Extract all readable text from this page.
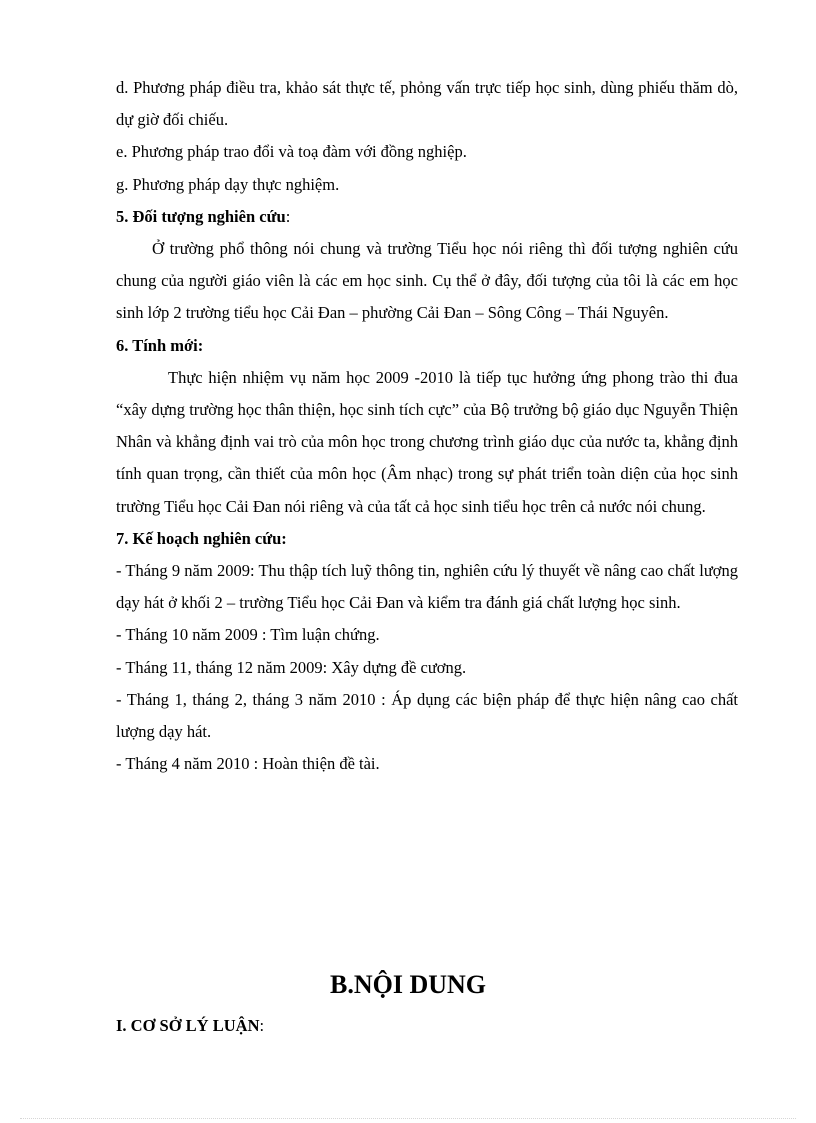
d. Phương pháp điều tra, khảo sát thực tế, phỏng vấn trực tiếp học sinh, dùng phiếu thăm dò, dự giờ đối chiếu.

e. Phương pháp trao đổi và toạ đàm với đồng nghiệp.

g. Phương pháp dạy thực nghiệm.

5. Đối tượng nghiên cứu:

Ở trường phổ thông nói chung và trường Tiểu học nói riêng thì đối tượng nghiên cứu chung của người giáo viên là các em học sinh. Cụ thể ở đây, đối tượng của tôi là các em học sinh lớp 2 trường tiểu học Cải Đan – phường Cải Đan – Sông Công – Thái Nguyên.

6. Tính mới:

Thực hiện nhiệm vụ năm học 2009 -2010 là tiếp tục hưởng ứng phong trào thi đua “xây dựng trường học thân thiện, học sinh tích cực” của Bộ trưởng bộ giáo dục Nguyễn Thiện Nhân và khẳng định vai trò của môn học trong chương trình giáo dục của nước ta, khẳng định tính quan trọng, cần thiết của môn học (Âm nhạc) trong sự phát triển toàn diện của học sinh trường Tiểu học Cải Đan nói riêng và của tất cả học sinh tiểu học trên cả nước nói chung.

7. Kế hoạch nghiên cứu:

- Tháng 9 năm 2009: Thu thập tích luỹ thông tin, nghiên cứu lý thuyết về nâng cao chất lượng dạy hát ở khối 2 – trường Tiểu học Cải Đan và kiểm tra đánh giá chất lượng học sinh.

- Tháng 10 năm 2009 : Tìm luận chứng.

- Tháng 11, tháng 12 năm 2009: Xây dựng đề cương.

- Tháng 1, tháng 2, tháng 3 năm 2010 : Áp dụng các biện pháp để thực hiện nâng cao chất lượng dạy hát.

- Tháng 4 năm 2010 : Hoàn thiện đề tài.

B.NỘI DUNG

I. CƠ SỞ LÝ LUẬN:
